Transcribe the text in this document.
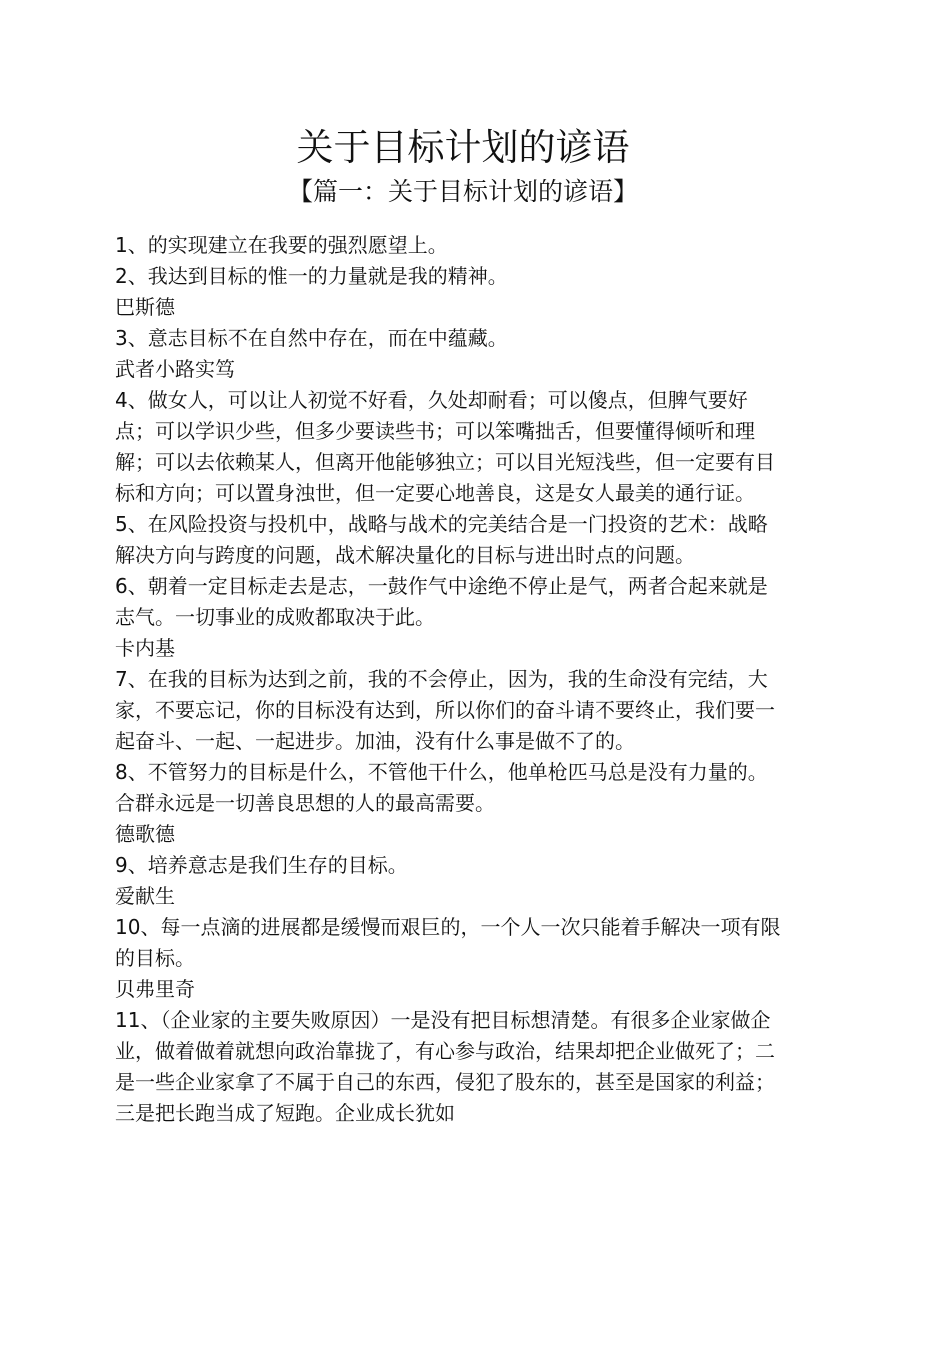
关于目标计划的谚语
【篇一：关于目标计划的谚语】

1、的实现建立在我要的强烈愿望上。

2、我达到目标的惟一的力量就是我的精神。

巴斯德

3、意志目标不在自然中存在，而在中蕴藏。

武者小路实笃

4、做女人，可以让人初觉不好看，久处却耐看；可以傻点，但脾气要好点；可以学识少些，但多少要读些书；可以笨嘴拙舌，但要懂得倾听和理解；可以去依赖某人，但离开他能够独立；可以目光短浅些，但一定要有目标和方向；可以置身浊世，但一定要心地善良，这是女人最美的通行证。

5、在风险投资与投机中，战略与战术的完美结合是一门投资的艺术：战略解决方向与跨度的问题，战术解决量化的目标与进出时点的问题。

6、朝着一定目标走去是志，一鼓作气中途绝不停止是气，两者合起来就是志气。一切事业的成败都取决于此。

卡内基

7、在我的目标为达到之前，我的不会停止，因为，我的生命没有完结，大家，不要忘记，你的目标没有达到，所以你们的奋斗请不要终止，我们要一起奋斗、一起、一起进步。加油，没有什么事是做不了的。

8、不管努力的目标是什么，不管他干什么，他单枪匹马总是没有力量的。合群永远是一切善良思想的人的最高需要。

德歌德

9、培养意志是我们生存的目标。

爱献生

10、每一点滴的进展都是缓慢而艰巨的，一个人一次只能着手解决一项有限的目标。

贝弗里奇

11、（企业家的主要失败原因）一是没有把目标想清楚。有很多企业家做企业，做着做着就想向政治靠拢了，有心参与政治，结果却把企业做死了；二是一些企业家拿了不属于自己的东西，侵犯了股东的，甚至是国家的利益；三是把长跑当成了短跑。企业成长犹如
